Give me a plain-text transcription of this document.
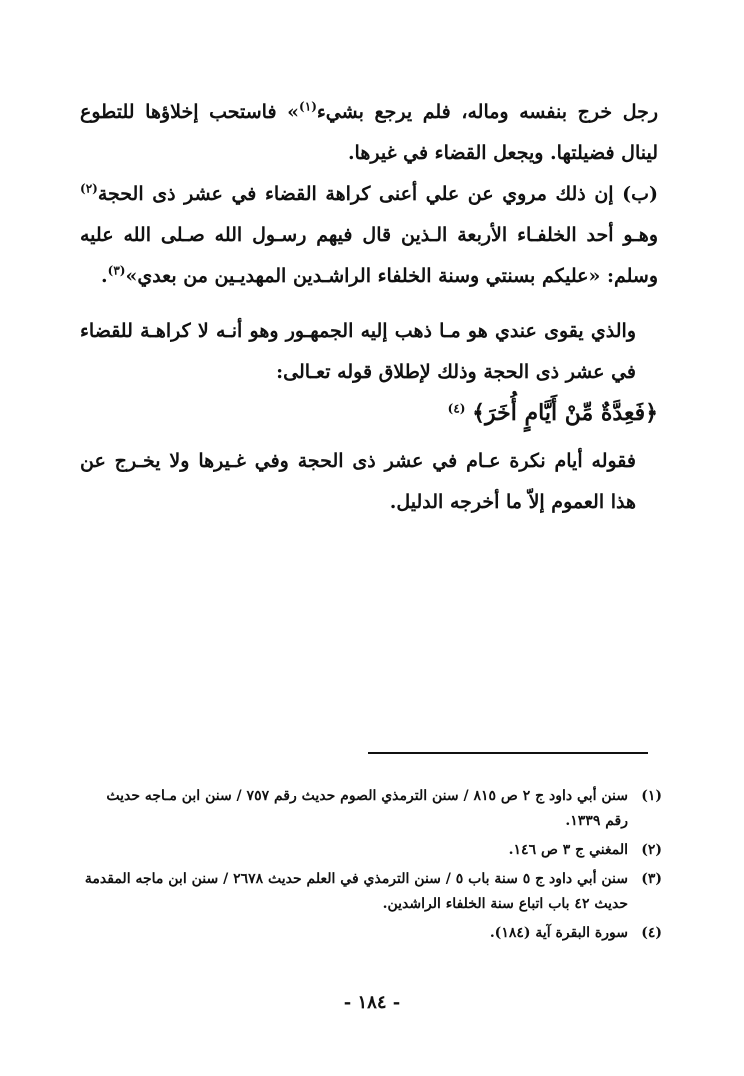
رجل خرج بنفسه وماله، فلم يرجع بشيء$^{(١)}$» فاستحب إخلاؤها للتطوع لينال فضيلتها. ويجعل القضاء في غيرها.

(ب) إن ذلك مروي عن علي أعنى كراهة القضاء في عشر ذى الحجة$^{(٢)}$ وهـو أحد الخلفـاء الأربعة الـذين قال فيهم رسـول الله صـلى الله عليه وسلم: «عليكم بسنتي وسنة الخلفاء الراشـدين المهديـين من بعدي»$^{(٣)}$.

والذي يقوى عندي هو مـا ذهب إليه الجمهـور وهو أنـه لا كراهـة للقضاء في عشر ذى الحجة وذلك لإطلاق قوله تعـالى:

﴿فَعِدَّةٌ مِّنْ أَيَّامٍ أُخَرَ﴾ $^{(٤)}$

فقوله أيام نكرة عـام في عشر ذى الحجة وفي غـيرها ولا يخـرج عن هذا العموم إلاّ ما أخرجه الدليل.

(١)
سنن أبي داود ج ٢ ص ٨١٥ / سنن الترمذي الصوم حديث رقم ٧٥٧ / سنن ابن مـاجه حديث رقم ١٣٣٩.
(٢)
المغني ج ٣ ص ١٤٦.
(٣)
سنن أبي داود ج ٥ سنة باب ٥ / سنن الترمذي في العلم حديث ٢٦٧٨ / سنن ابن ماجه المقدمة حديث ٤٢ باب اتباع سنة الخلفاء الراشدين.
(٤)
سورة البقرة آية (١٨٤).
- ١٨٤ -
